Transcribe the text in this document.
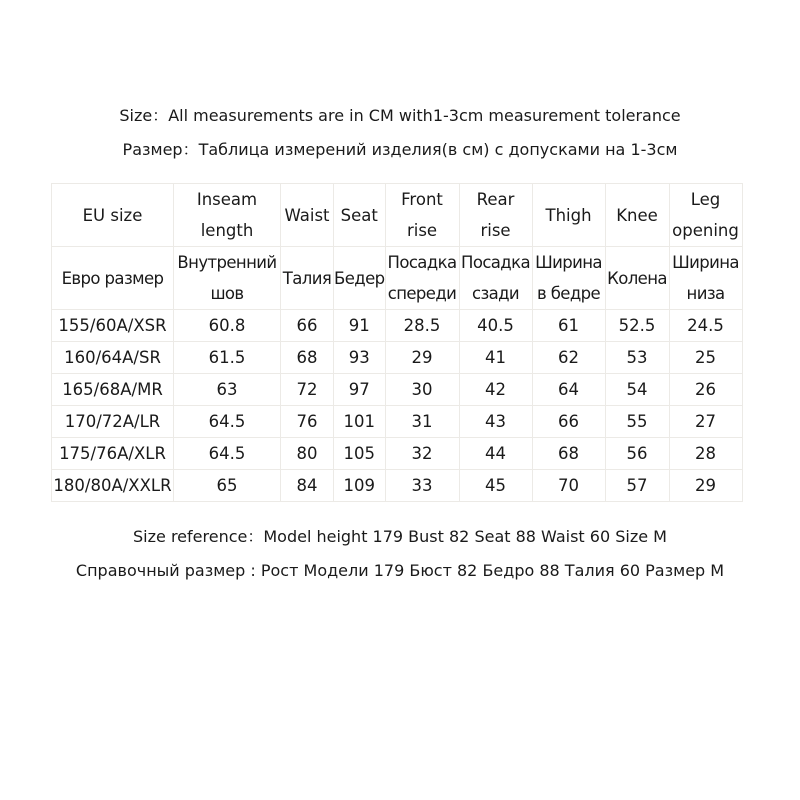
Size：All measurements are in CM with1-3cm measurement tolerance
Размер：Таблица измерений изделия(в см) с допусками на 1-3см
EU size	Inseam length	Waist	Seat	Front rise	Rear rise	Thigh	Knee	Leg opening

Евро размер	Внутренний шов	Талия	Бедер	Посадка спереди	Посадка сзади	Ширина в бедре	Колена	Ширина низа

155/60A/XSR	60.8	66	91	28.5	40.5	61	52.5	24.5
160/64A/SR	61.5	68	93	29	41	62	53	25
165/68A/MR	63	72	97	30	42	64	54	26
170/72A/LR	64.5	76	101	31	43	66	55	27
175/76A/XLR	64.5	80	105	32	44	68	56	28
180/80A/XXLR	65	84	109	33	45	70	57	29
Size reference：Model height 179 Bust 82 Seat 88 Waist 60 Size M
Справочный размер : Рост Модели 179 Бюст 82 Бедро 88 Талия 60 Размер М
